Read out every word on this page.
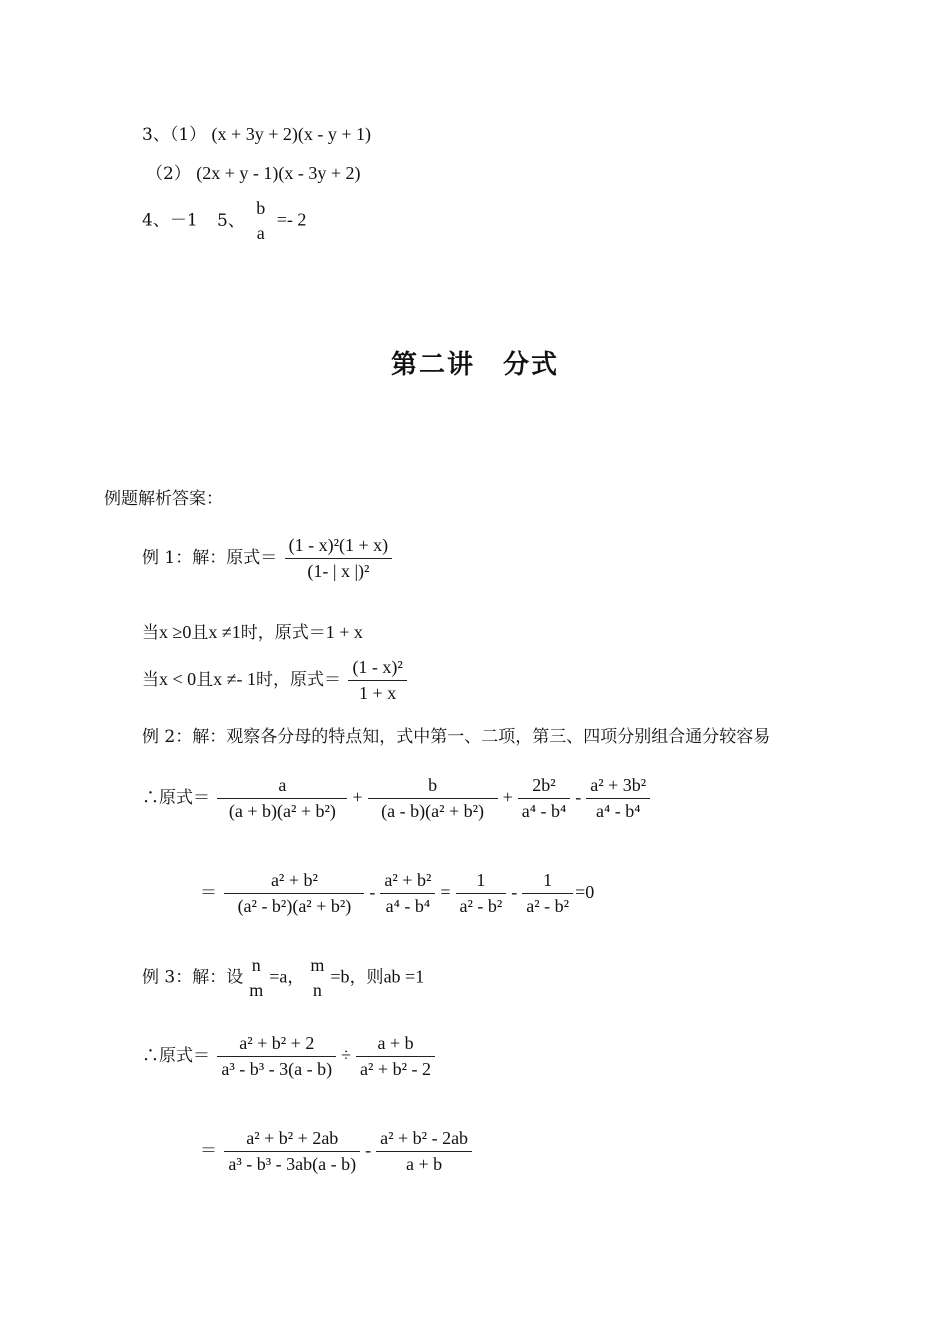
3、（1） (x + 3y + 2)(x - y + 1)
（2） (2x + y - 1)(x - 3y + 2)
4、－1 5、
b
a
=- 2
第二讲 分式
例题解析答案：
例 1：解：原式＝ $\frac{\text{(1 - x)²(1 + x)}}{\text{(1- | x |)²}}$
当x ≥0且x ≠1时，原式＝1 + x
当x < 0且x ≠- 1时，原式＝ $\frac{\text{(1 - x)²}}{1 + x}$
例 2：解：观察各分母的特点知，式中第一、二项，第三、四项分别组合通分较容易
∴原式＝ $\frac{a}{\text{(a + b)(a² + b²)}} + \frac{b}{\text{(a - b)(a² + b²)}} + \frac{\text{2b²}}{\text{a⁴ - b⁴}} - \frac{\text{a² + 3b²}}{\text{a⁴ - b⁴}}$
＝ $\frac{\text{a² + b²}}{\text{(a² - b²)(a² + b²)}} - \frac{\text{a² + b²}}{\text{a⁴ - b⁴}} = \frac{1}{\text{a² - b²}} - \frac{1}{\text{a² - b²}} =0$
例 3：解：设
n
m
=a，
m
n
=b，则ab =1
∴原式＝ $\frac{\text{a² + b² + 2}}{\text{a³ - b³ - 3(a - b)}} \div \frac{a + b}{\text{a² + b² - 2}}$
＝ $\frac{\text{a² + b² + 2ab}}{\text{a³ - b³ - 3ab(a - b)}} - \frac{\text{a² + b² - 2ab}}{a + b}$
